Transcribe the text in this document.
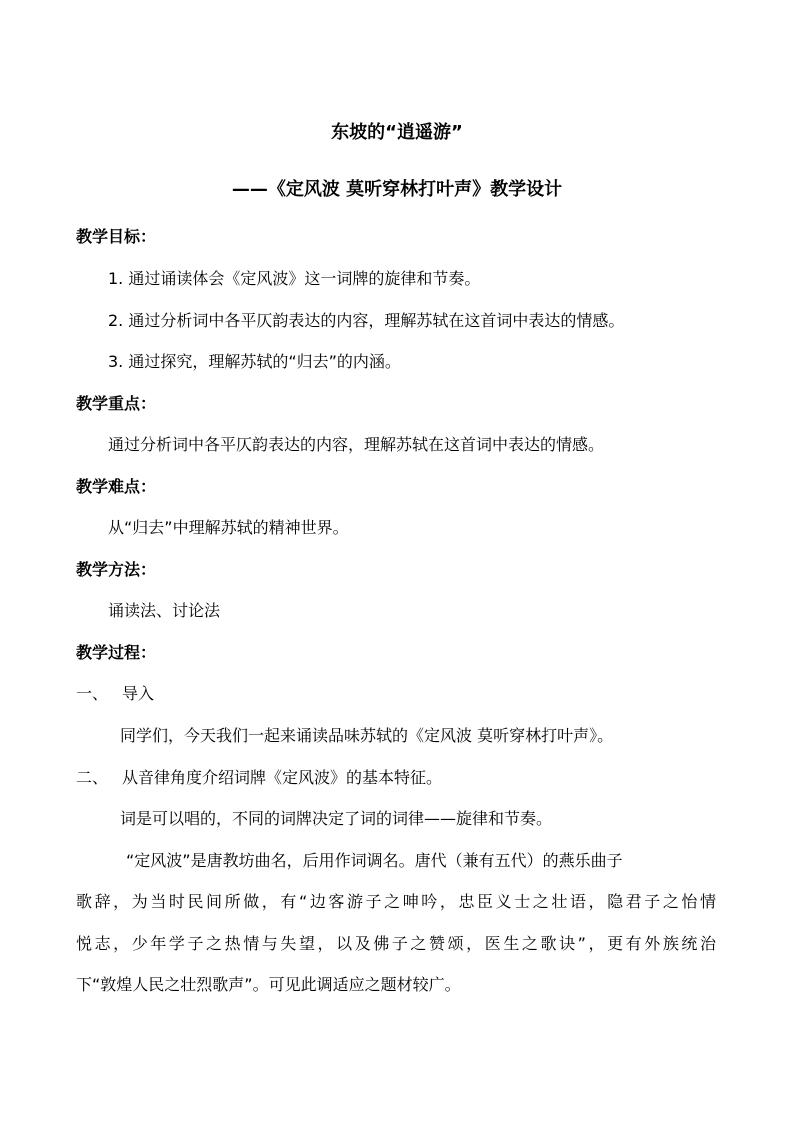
东坡的“逍遥游”
——《定风波 莫听穿林打叶声》教学设计
教学目标：
1. 通过诵读体会《定风波》这一词牌的旋律和节奏。
2. 通过分析词中各平仄韵表达的内容，理解苏轼在这首词中表达的情感。
3. 通过探究，理解苏轼的“归去”的内涵。
教学重点：
通过分析词中各平仄韵表达的内容，理解苏轼在这首词中表达的情感。
教学难点：
从“归去”中理解苏轼的精神世界。
教学方法：
诵读法、讨论法
教学过程：
一、 导入
同学们，今天我们一起来诵读品味苏轼的《定风波 莫听穿林打叶声》。
二、 从音律角度介绍词牌《定风波》的基本特征。
词是可以唱的，不同的词牌决定了词的词律——旋律和节奏。
“定风波”是唐教坊曲名，后用作词调名。唐代（兼有五代）的燕乐曲子
歌辞，为当时民间所做，有“边客游子之呻吟，忠臣义士之壮语，隐君子之怡情
悦志，少年学子之热情与失望，以及佛子之赞颂，医生之歌诀”，更有外族统治
下“敦煌人民之壮烈歌声”。可见此调适应之题材较广。
